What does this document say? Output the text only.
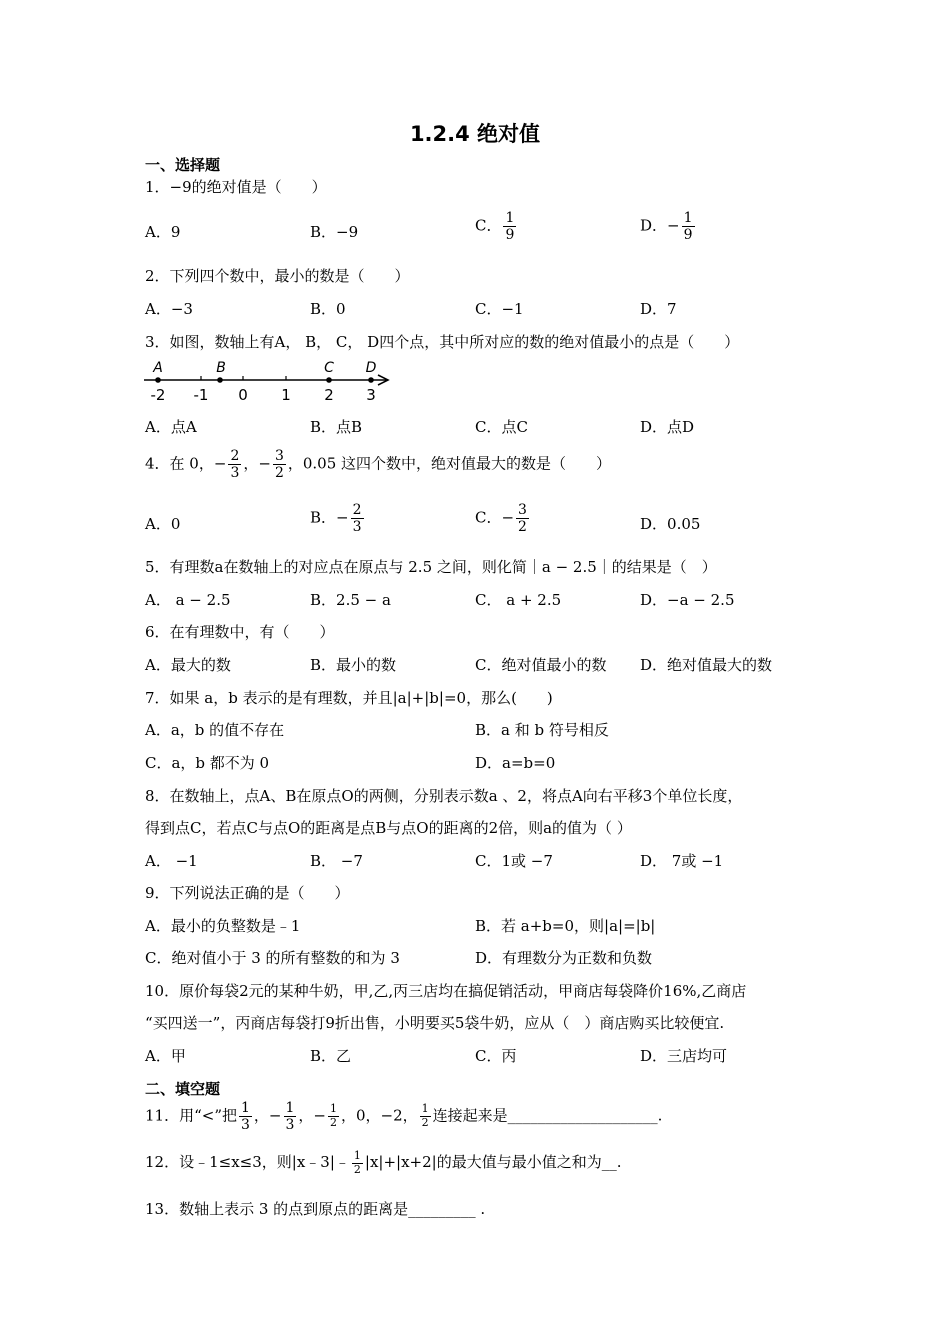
1.2.4 绝对值
一、选择题
1．−9的绝对值是（　　）
A．9	B．−9	C． $\frac{1}{9}$	D．− $\frac{1}{9}$
2．下列四个数中，最小的数是（　　）
A．−3	B．0	C．−1	D．7
3．如图，数轴上有A， B， C， D四个点，其中所对应的数的绝对值最小的点是（　　）
A	B	C D
-2 -1 0 1 2 3
A．点A	B．点B	C．点C	D．点D
4．在 0，− $\frac{2}{3}$ ，− $\frac{3}{2}$ ，0.05 这四个数中，绝对值最大的数是（　　）
A．0	B．− $\frac{2}{3}$	C．− $\frac{3}{2}$	D．0.05
5．有理数a在数轴上的对应点在原点与 2.5 之间，则化简｜a − 2.5｜的结果是（　）
A． a − 2.5	B．2.5 − a	C． a + 2.5	D．−a − 2.5
6．在有理数中，有（　　）
A．最大的数	B．最小的数	C．绝对值最小的数 D．绝对值最大的数
7．如果 a，b 表示的是有理数，并且|a|+|b|=0，那么(　　)
A．a，b 的值不存在	B．a 和 b 符号相反
C．a，b 都不为 0	D．a=b=0
8．在数轴上，点A、B在原点O的两侧，分别表示数a 、2，将点A向右平移3个单位长度，
得到点C，若点C与点O的距离是点B与点O的距离的2倍，则a的值为（ ）
A． −1	B． −7	C．1或 −7	D． 7或 −1
9．下列说法正确的是（　　）
A．最小的负整数是﹣1	B．若 a+b=0，则|a|=|b|
C．绝对值小于 3 的所有整数的和为 3	D．有理数分为正数和负数
10．原价每袋2元的某种牛奶，甲,乙,丙三店均在搞促销活动，甲商店每袋降价16%,乙商店
“买四送一”，丙商店每袋打9折出售，小明要买5袋牛奶，应从（　）商店购买比较便宜.
A．甲	B．乙	C．丙	D．三店均可
二、填空题
11．用“<”把 $\frac{1}{3}$ ，− $\frac{1}{3}$ ，− $\frac{1}{2}$ ，0，−2， $\frac{1}{2}$ 连接起来是____________________.
12．设﹣1≤x≤3，则|x﹣3|﹣ $\frac{1}{2} |x|+|x+2|$的最大值与最小值之和为__.
13．数轴上表示 3 的点到原点的距离是_________ .
